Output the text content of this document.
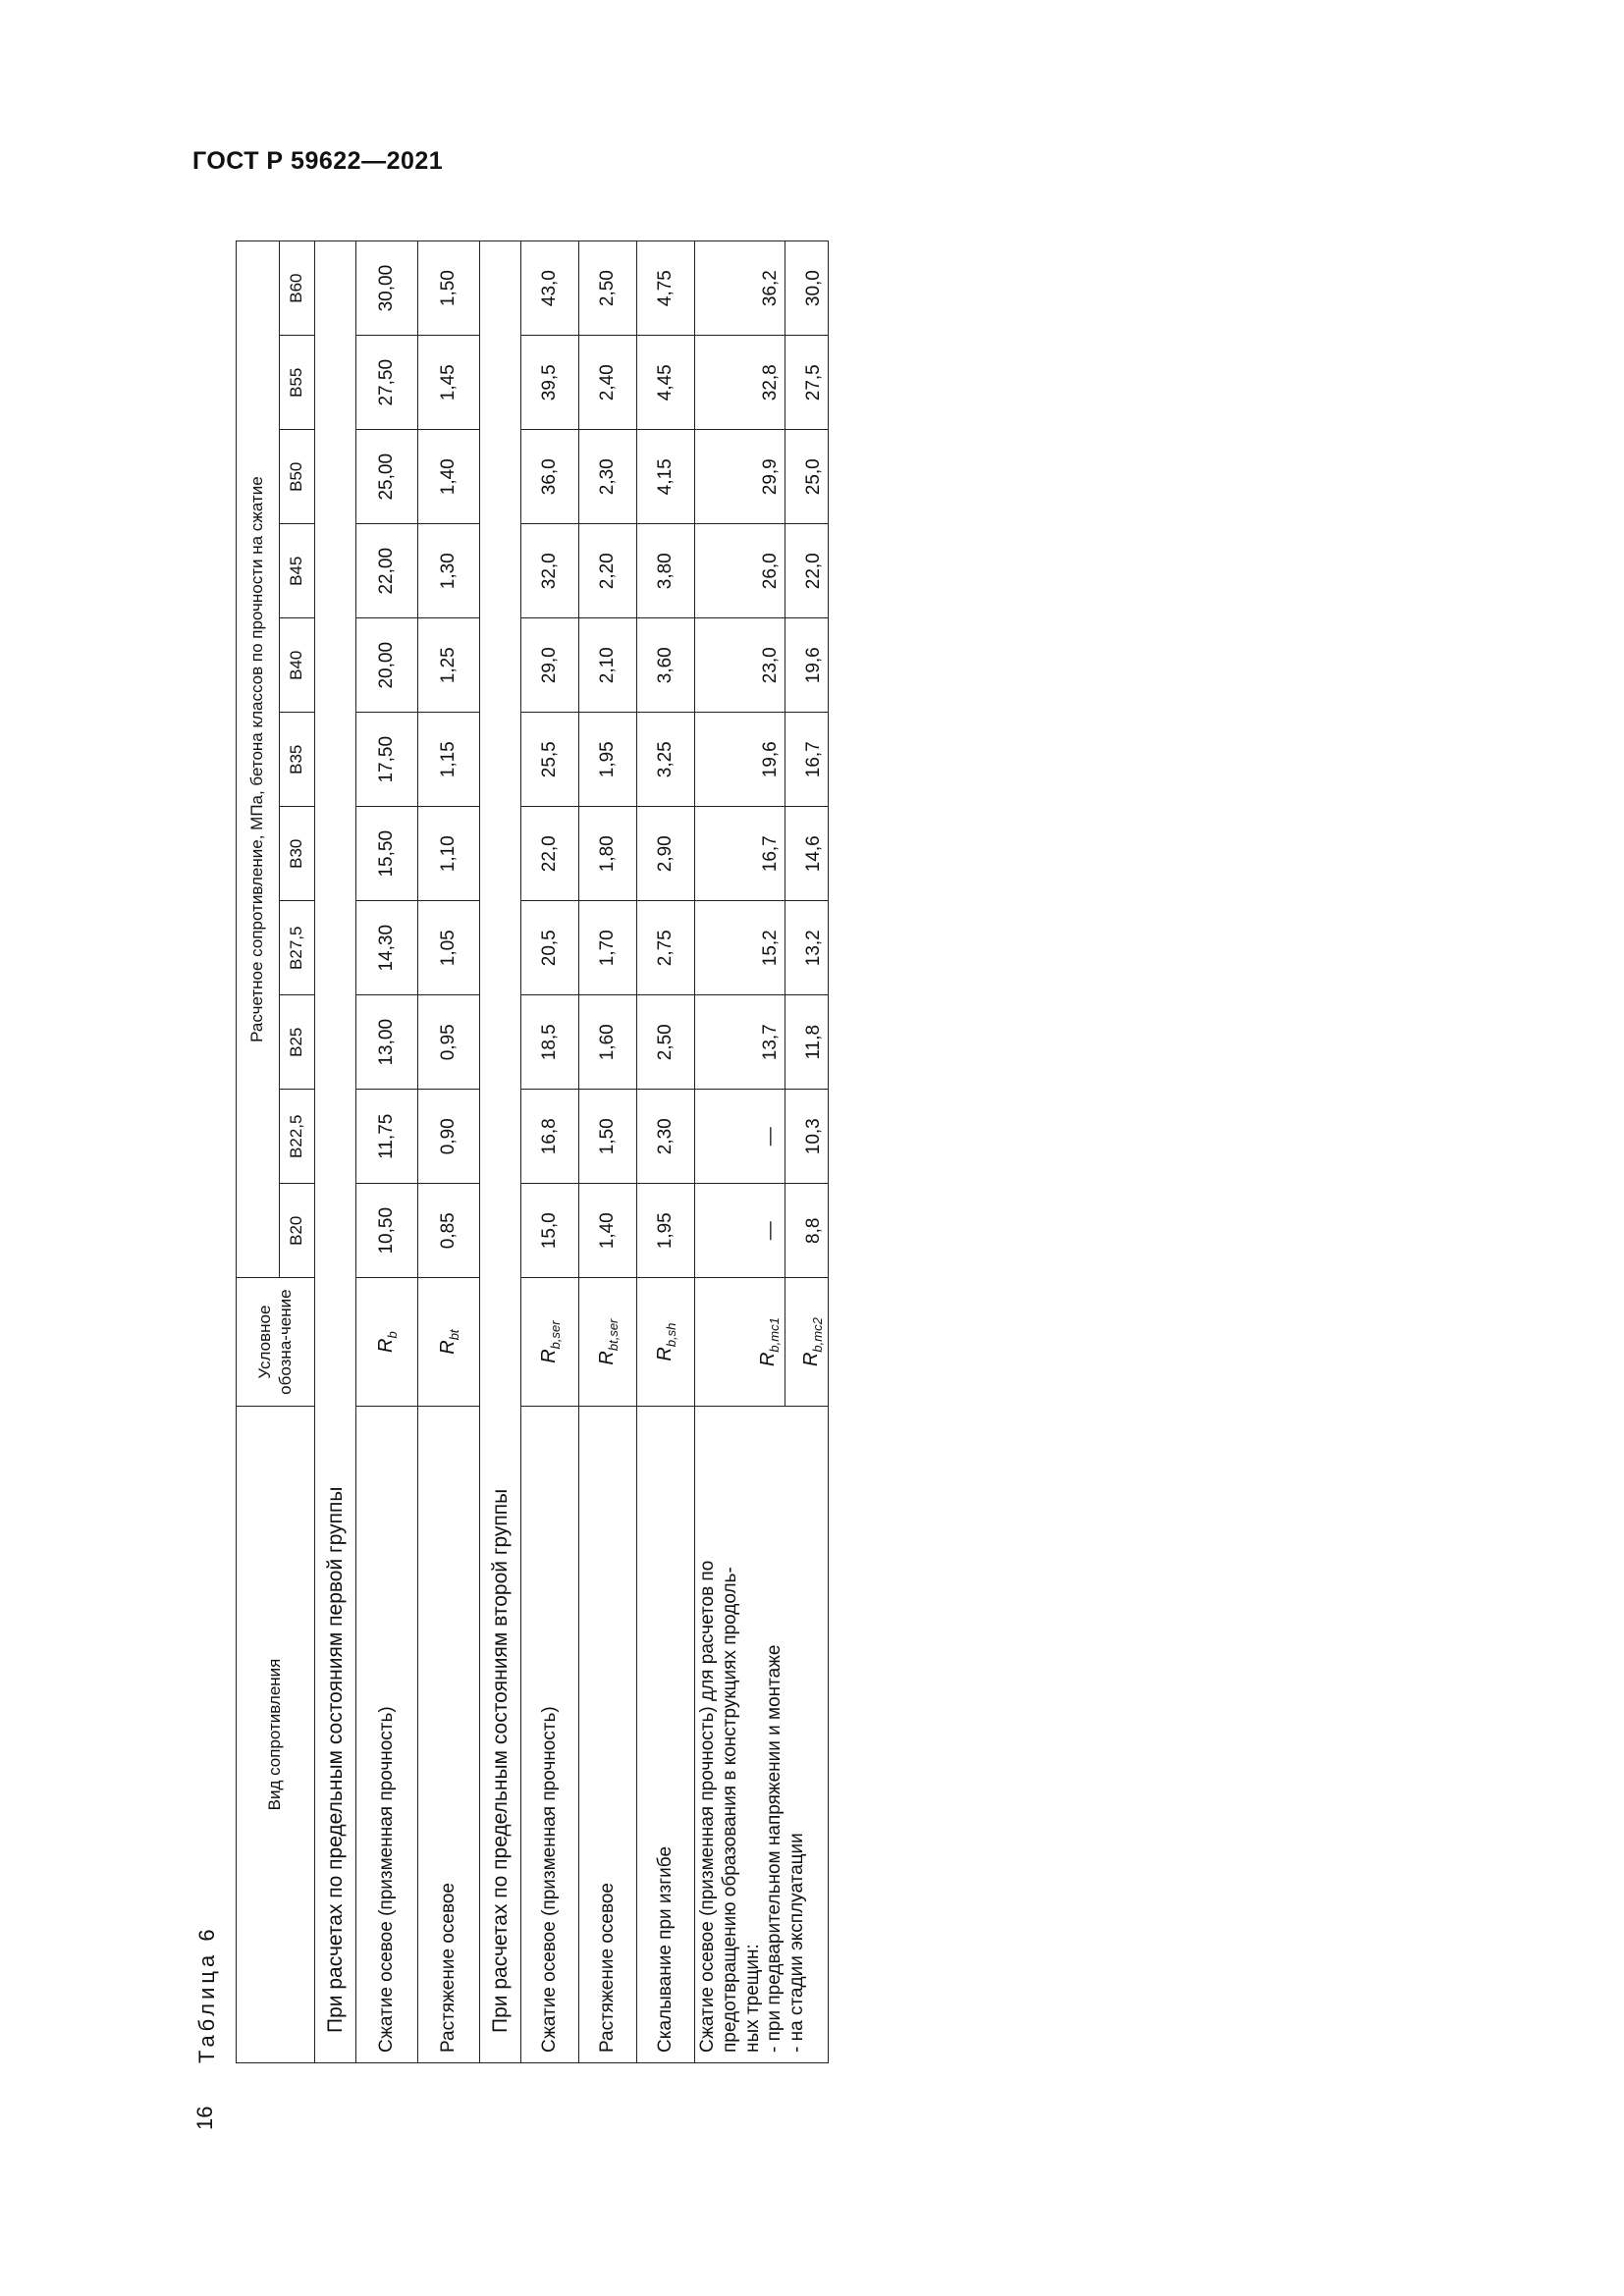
ГОСТ Р 59622—2021
16
Таблица 6
Вид сопротивления	Условное обозна-чение	Расчетное сопротивление, МПа, бетона классов по прочности на сжатие										
		B20	B22,5	B25	B27,5	B30	B35	B40	B45	B50	B55	B60
При расчетах по предельным состояниям первой группы												
Сжатие осевое (призменная прочность)	$R_b$	10,50	11,75	13,00	14,30	15,50	17,50	20,00	22,00	25,00	27,50	30,00
Растяжение осевое	$R_{bt}$	0,85	0,90	0,95	1,05	1,10	1,15	1,25	1,30	1,40	1,45	1,50
При расчетах по предельным состояниям второй группы												
Сжатие осевое (призменная прочность)	$R_{b,ser}$	15,0	16,8	18,5	20,5	22,0	25,5	29,0	32,0	36,0	39,5	43,0
Растяжение осевое	$R_{bt,ser}$	1,40	1,50	1,60	1,70	1,80	1,95	2,10	2,20	2,30	2,40	2,50
Скалывание при изгибе	$R_{b,sh}$	1,95	2,30	2,50	2,75	2,90	3,25	3,60	3,80	4,15	4,45	4,75

Сжатие осевое (призменная прочность) для расчетов по предотвращению образования в конструкциях продоль- ных трещин: - при предварительном напряжении и монтаже - на стадии эксплуатации	$R_{b,mc1}$	—	—	13,7	15,2	16,7	19,6	23,0	26,0	29,9	32,8	36,2
	$R_{b,mc2}$	8,8	10,3	11,8	13,2	14,6	16,7	19,6	22,0	25,0	27,5	30,0
